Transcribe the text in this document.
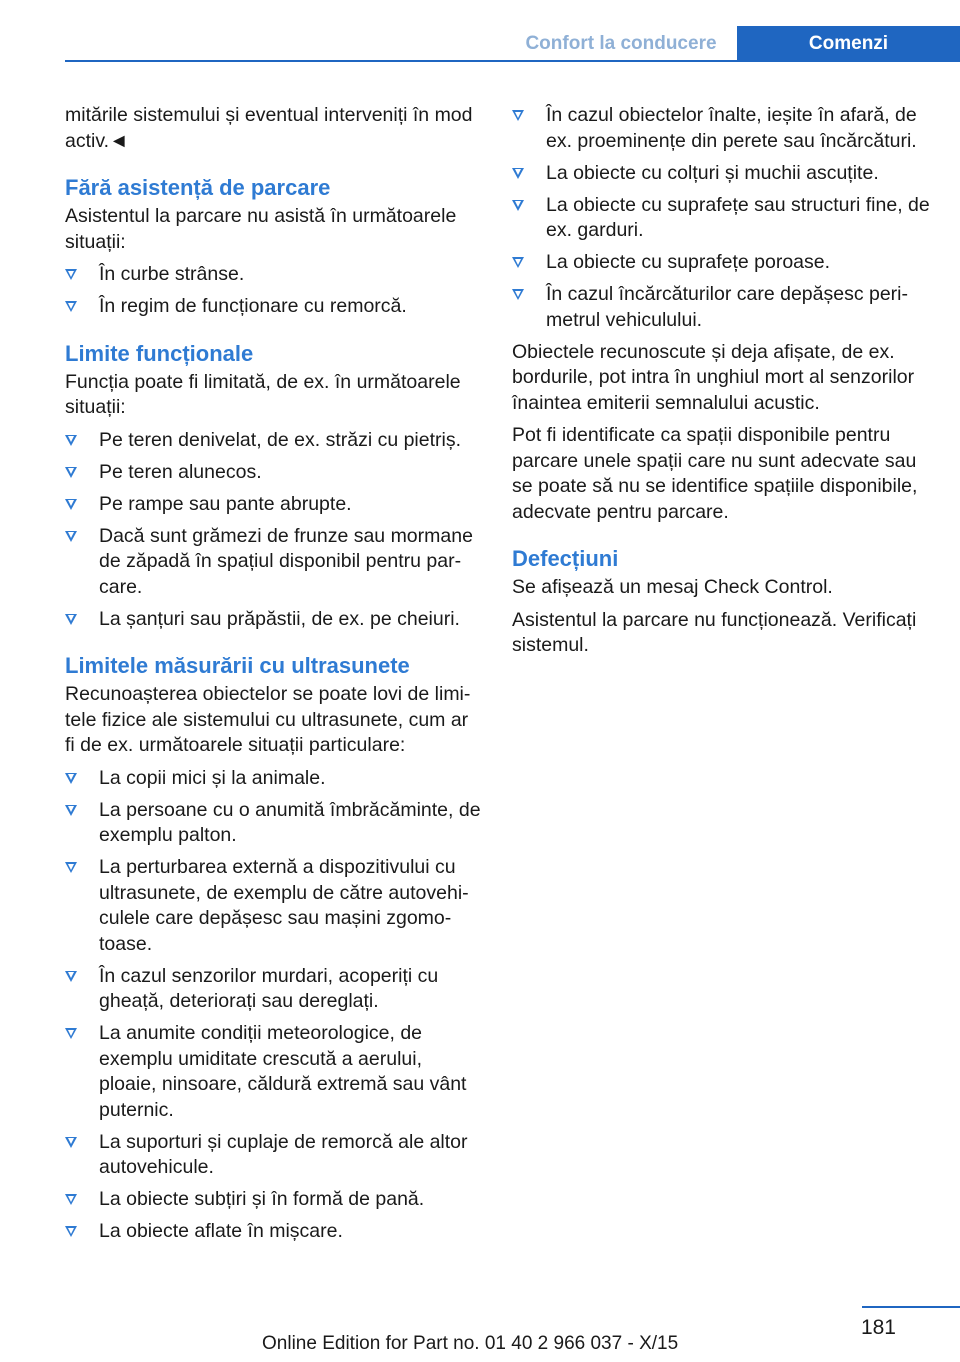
Confort la conducere	Comenzi

mitările sistemului și eventual interveniți în mod activ.◄

Fără asistență de parcare

Asistentul la parcare nu asistă în următoarele situații:

În curbe strânse.
În regim de funcționare cu remorcă.
Limite funcționale

Funcția poate fi limitată, de ex. în următoarele situații:

Pe teren denivelat, de ex. străzi cu pietriș.
Pe teren alunecos.
Pe rampe sau pante abrupte.
Dacă sunt grămezi de frunze sau mormane de zăpadă în spațiul disponibil pentru par‐care.
La șanțuri sau prăpăstii, de ex. pe cheiuri.
Limitele măsurării cu ultrasunete

Recunoașterea obiectelor se poate lovi de limi‐tele fizice ale sistemului cu ultrasunete, cum ar fi de ex. următoarele situații particulare:

La copii mici și la animale.
La persoane cu o anumită îmbrăcăminte, de exemplu palton.
La perturbarea externă a dispozitivului cu ultrasunete, de exemplu de către autovehi‐culele care depășesc sau mașini zgomo‐toase.
În cazul senzorilor murdari, acoperiți cu gheață, deteriorați sau dereglați.
La anumite condiții meteorologice, de exemplu umiditate crescută a aerului, ploaie, ninsoare, căldură extremă sau vânt puternic.
La suporturi și cuplaje de remorcă ale altor autovehicule.
La obiecte subțiri și în formă de pană.
La obiecte aflate în mișcare.
În cazul obiectelor înalte, ieșite în afară, de ex. proeminențe din perete sau încărcături.
La obiecte cu colțuri și muchii ascuțite.
La obiecte cu suprafețe sau structuri fine, de ex. garduri.
La obiecte cu suprafețe poroase.
În cazul încărcăturilor care depășesc peri‐metrul vehiculului.

Obiectele recunoscute și deja afișate, de ex. bordurile, pot intra în unghiul mort al senzorilor înaintea emiterii semnalului acustic.

Pot fi identificate ca spații disponibile pentru parcare unele spații care nu sunt adecvate sau se poate să nu se identifice spațiile disponibile, adecvate pentru parcare.

Defecțiuni

Se afișează un mesaj Check Control.

Asistentul la parcare nu funcționează. Verificați sistemul.

181
Online Edition for Part no. 01 40 2 966 037 - X/15
